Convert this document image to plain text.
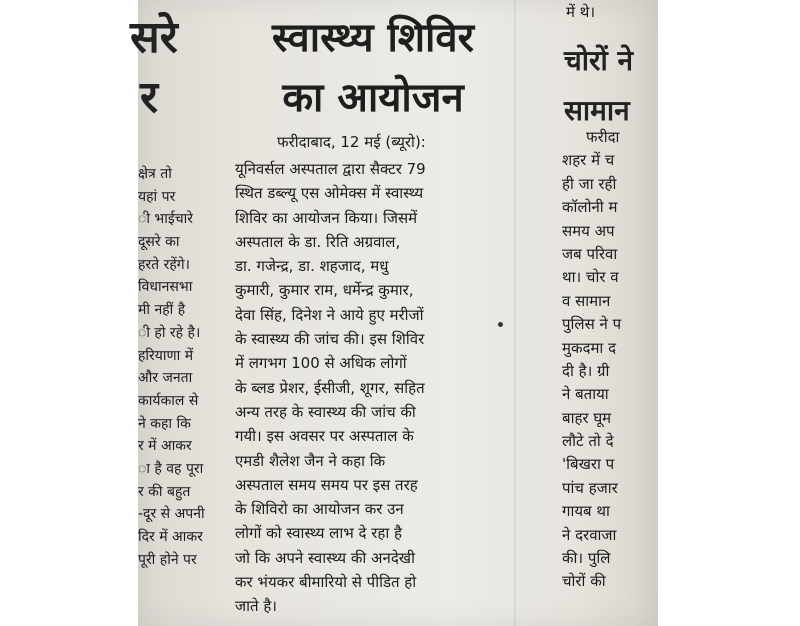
सरे
र
क्षेत्र तो
यहां पर
ी भाईचारे
दूसरे का
हरते रहेंगे।
विधानसभा
मी नहीं है
ी हो रहे है।
हरियाणा में
और जनता
कार्यकाल से
ने कहा कि
र में आकर
ा है वह पूरा
र की बहुत
-दूर से अपनी
दिर में आकर
पूरी होने पर
स्वास्थ्य शिविर
का आयोजन
फरीदाबाद, 12 मई (ब्यूरो):
यूनिवर्सल अस्पताल द्वारा सैक्टर 79
स्थित डब्ल्यू एस ओमेक्स में स्वास्थ्य
शिविर का आयोजन किया। जिसमें
अस्पताल के डा. रिति अग्रवाल,
डा. गजेन्द्र, डा. शहजाद, मधु
कुमारी, कुमार राम, धर्मेन्द्र कुमार,
देवा सिंह, दिनेश ने आये हुए मरीजों
के स्वास्थ्य की जांच की। इस शिविर
में लगभग 100 से अधिक लोगों
के ब्लड प्रेशर, ईसीजी, शूगर, सहित
अन्य तरह के स्वास्थ्य की जांच की
गयी। इस अवसर पर अस्पताल के
एमडी शैलेश जैन ने कहा कि
अस्पताल समय समय पर इस तरह
के शिविरो का आयोजन कर उन
लोगों को स्वास्थ्य लाभ दे रहा है
जो कि अपने स्वास्थ्य की अनदेखी
कर भंयकर बीमारियो से पीडित हो
जाते है।
में थे।
चोरों ने
सामान
फरीदा
शहर में च
ही जा रही
कॉलोनी म
समय अप
जब परिवा
था। चोर व
व सामान
पुलिस ने प
मुकदमा द
दी है। ग्री
ने बताया
बाहर घूम
लौटे तो दे
'बिखरा प
पांच हजार
गायब था
ने दरवाजा
की। पुलि
चोरों की
